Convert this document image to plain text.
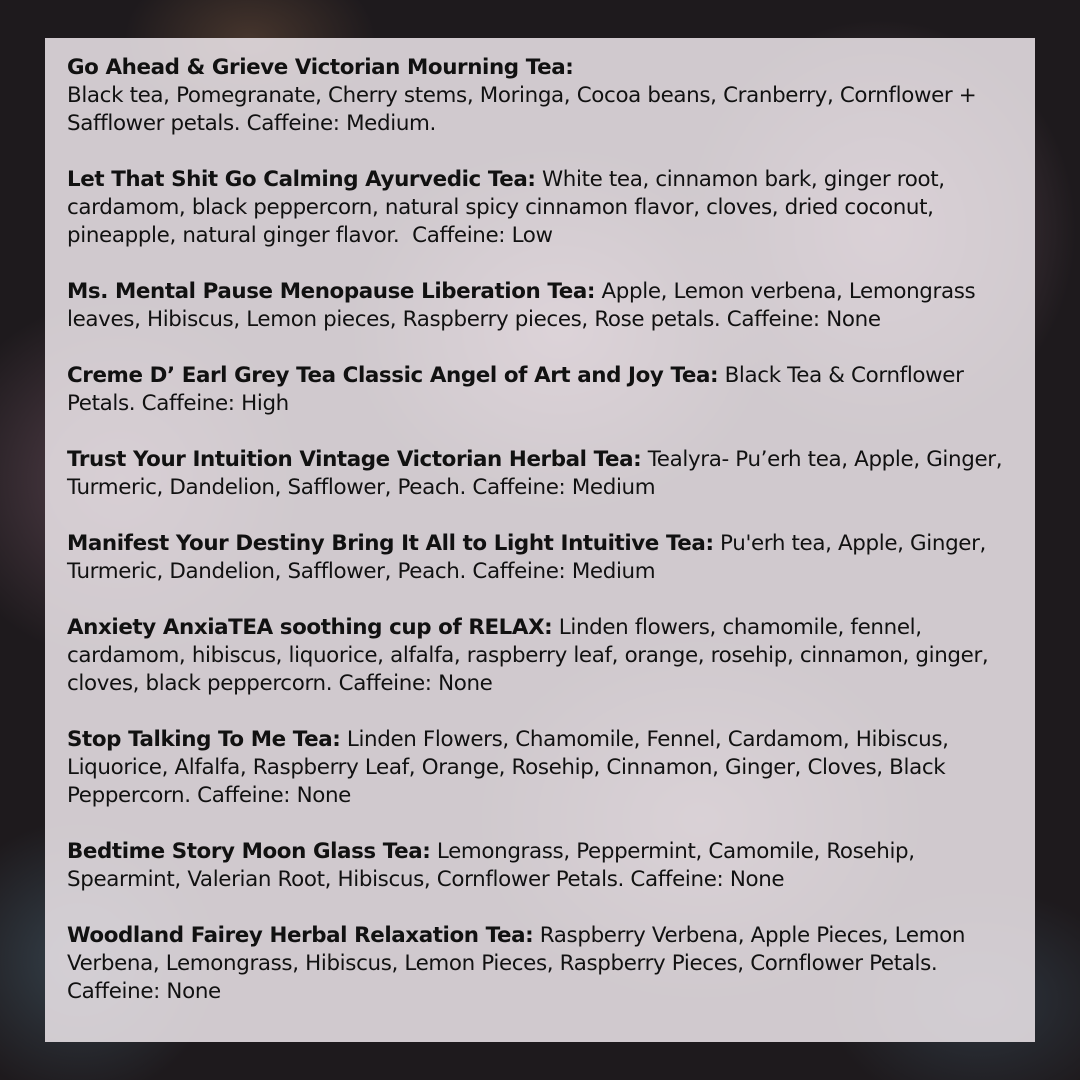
Go Ahead & Grieve Victorian Mourning Tea:
Black tea, Pomegranate, Cherry stems, Moringa, Cocoa beans, Cranberry, Cornflower + Safflower petals. Caffeine: Medium.

Let That Shit Go Calming Ayurvedic Tea: White tea, cinnamon bark, ginger root, cardamom, black peppercorn, natural spicy cinnamon flavor, cloves, dried coconut, pineapple, natural ginger flavor.  Caffeine: Low

Ms. Mental Pause Menopause Liberation Tea: Apple, Lemon verbena, Lemongrass leaves, Hibiscus, Lemon pieces, Raspberry pieces, Rose petals. Caffeine: None

Creme D’ Earl Grey Tea Classic Angel of Art and Joy Tea: Black Tea & Cornflower Petals. Caffeine: High

Trust Your Intuition Vintage Victorian Herbal Tea: Tealyra- Pu’erh tea, Apple, Ginger, Turmeric, Dandelion, Safflower, Peach. Caffeine: Medium

Manifest Your Destiny Bring It All to Light Intuitive Tea: Pu'erh tea, Apple, Ginger, Turmeric, Dandelion, Safflower, Peach. Caffeine: Medium

Anxiety AnxiaTEA soothing cup of RELAX: Linden flowers, chamomile, fennel, cardamom, hibiscus, liquorice, alfalfa, raspberry leaf, orange, rosehip, cinnamon, ginger, cloves, black peppercorn. Caffeine: None

Stop Talking To Me Tea: Linden Flowers, Chamomile, Fennel, Cardamom, Hibiscus, Liquorice, Alfalfa, Raspberry Leaf, Orange, Rosehip, Cinnamon, Ginger, Cloves, Black Peppercorn. Caffeine: None

Bedtime Story Moon Glass Tea: Lemongrass, Peppermint, Camomile, Rosehip, Spearmint, Valerian Root, Hibiscus, Cornflower Petals. Caffeine: None

Woodland Fairey Herbal Relaxation Tea: Raspberry Verbena, Apple Pieces, Lemon Verbena, Lemongrass, Hibiscus, Lemon Pieces, Raspberry Pieces, Cornflower Petals. Caffeine: None
